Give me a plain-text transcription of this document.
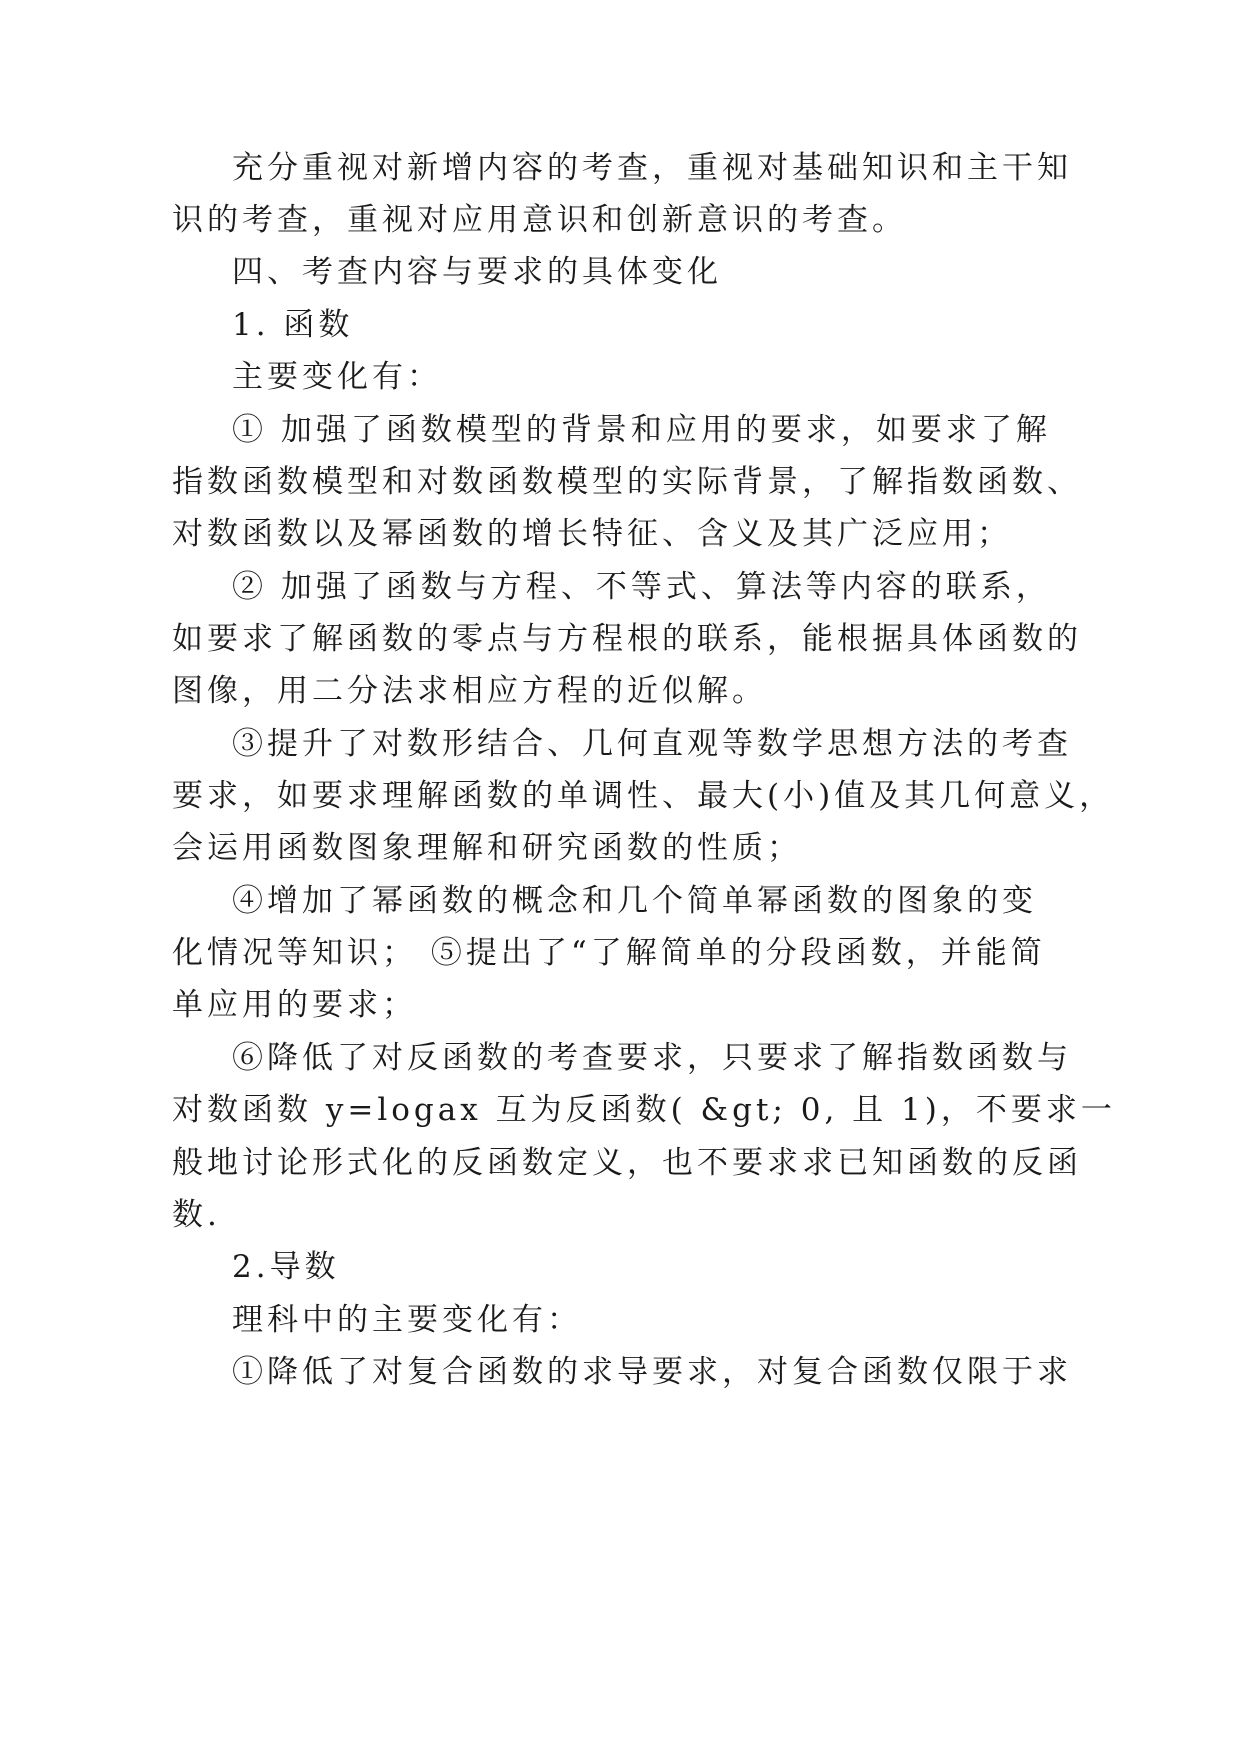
充分重视对新增内容的考查，重视对基础知识和主干知
识的考查，重视对应用意识和创新意识的考查。
四、考查内容与要求的具体变化
1. 函数
主要变化有：
① 加强了函数模型的背景和应用的要求，如要求了解
指数函数模型和对数函数模型的实际背景，了解指数函数、
对数函数以及幂函数的增长特征、含义及其广泛应用；
② 加强了函数与方程、不等式、算法等内容的联系，
如要求了解函数的零点与方程根的联系，能根据具体函数的
图像，用二分法求相应方程的近似解。
③提升了对数形结合、几何直观等数学思想方法的考查
要求，如要求理解函数的单调性、最大(小)值及其几何意义，
会运用函数图象理解和研究函数的性质；
④增加了幂函数的概念和几个简单幂函数的图象的变
化情况等知识； ⑤提出了“了解简单的分段函数，并能简
单应用的要求；
⑥降低了对反函数的考查要求，只要求了解指数函数与
对数函数 y=logax 互为反函数( &gt; 0, 且 1)，不要求一
般地讨论形式化的反函数定义，也不要求求已知函数的反函
数.
2.导数
理科中的主要变化有：
①降低了对复合函数的求导要求，对复合函数仅限于求
